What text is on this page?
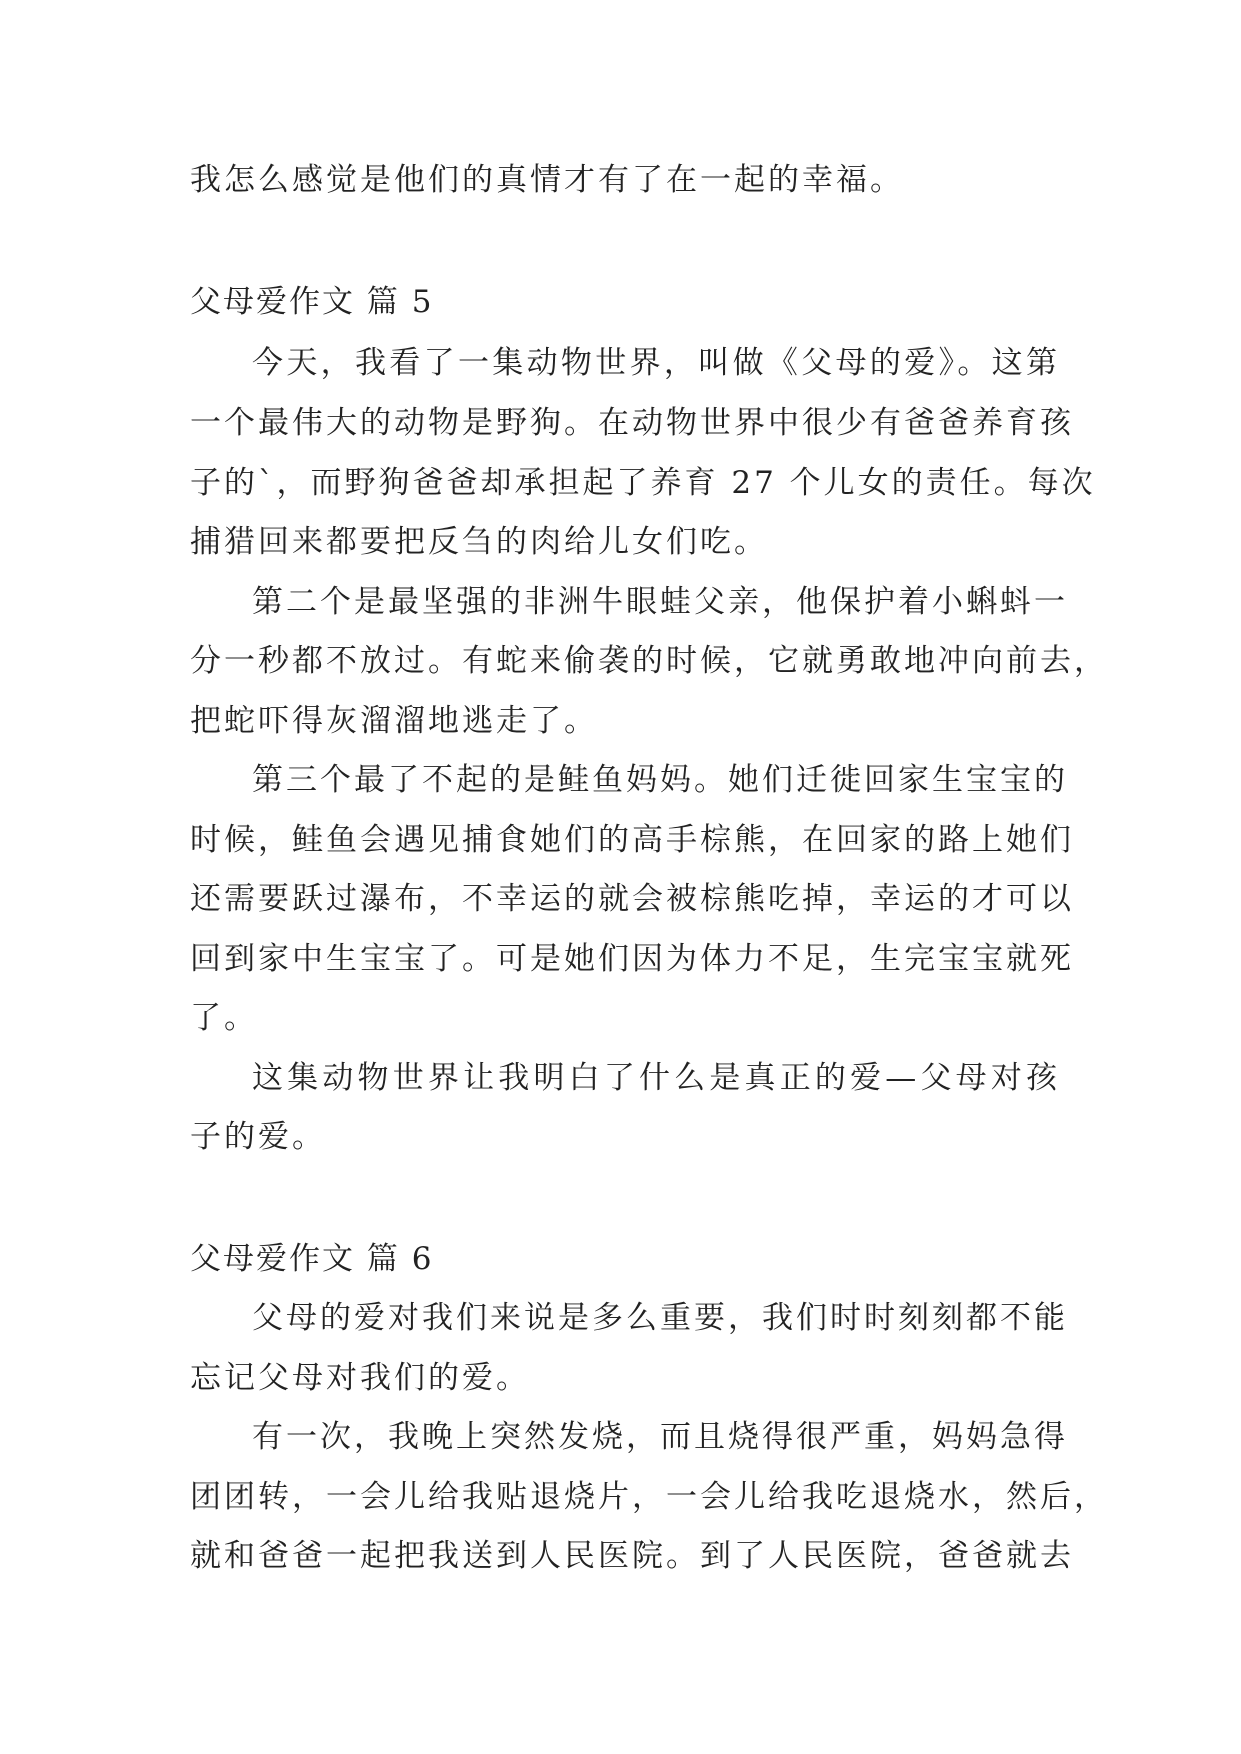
我怎么感觉是他们的真情才有了在一起的幸福。
父母爱作文 篇 5
今天，我看了一集动物世界，叫做《父母的爱》。这第
一个最伟大的动物是野狗。在动物世界中很少有爸爸养育孩
子的`，而野狗爸爸却承担起了养育 27 个儿女的责任。每次
捕猎回来都要把反刍的肉给儿女们吃。
第二个是最坚强的非洲牛眼蛙父亲，他保护着小蝌蚪一
分一秒都不放过。有蛇来偷袭的时候，它就勇敢地冲向前去，
把蛇吓得灰溜溜地逃走了。
第三个最了不起的是鲑鱼妈妈。她们迁徙回家生宝宝的
时候，鲑鱼会遇见捕食她们的高手棕熊，在回家的路上她们
还需要跃过瀑布，不幸运的就会被棕熊吃掉，幸运的才可以
回到家中生宝宝了。可是她们因为体力不足，生完宝宝就死
了。
这集动物世界让我明白了什么是真正的爱—父母对孩
子的爱。
父母爱作文 篇 6
父母的爱对我们来说是多么重要，我们时时刻刻都不能
忘记父母对我们的爱。
有一次，我晚上突然发烧，而且烧得很严重，妈妈急得
团团转，一会儿给我贴退烧片，一会儿给我吃退烧水，然后，
就和爸爸一起把我送到人民医院。到了人民医院，爸爸就去
